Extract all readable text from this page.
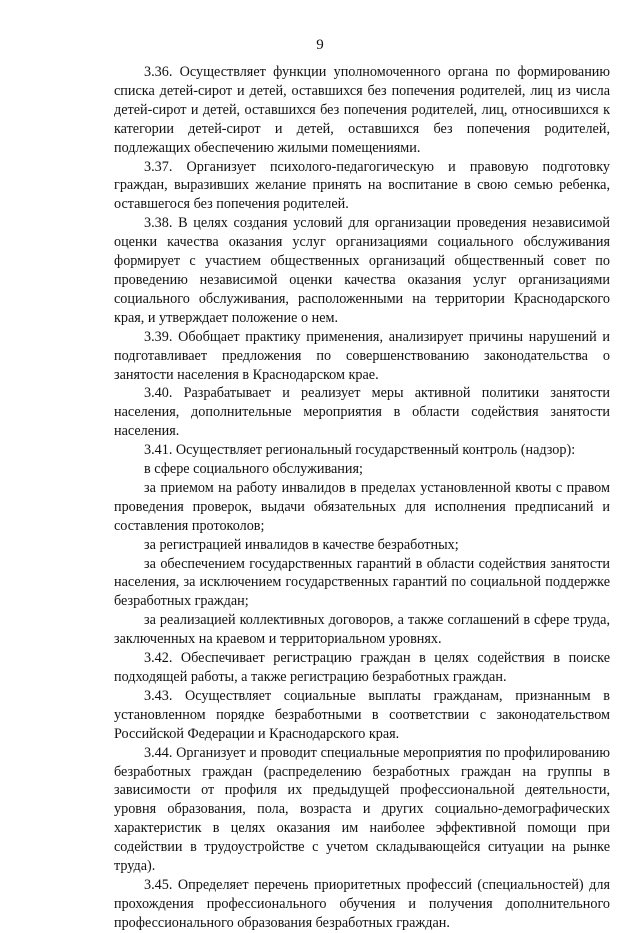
9

3.36. Осуществляет функции уполномоченного органа по формированию списка детей-сирот и детей, оставшихся без попечения родителей, лиц из числа детей-сирот и детей, оставшихся без попечения родителей, лиц, относившихся к категории детей-сирот и детей, оставшихся без попечения родителей, подлежащих обеспечению жилыми помещениями.

3.37. Организует психолого-педагогическую и правовую подготовку граждан, выразивших желание принять на воспитание в свою семью ребенка, оставшегося без попечения родителей.

3.38. В целях создания условий для организации проведения независимой оценки качества оказания услуг организациями социального обслуживания формирует с участием общественных организаций общественный совет по проведению независимой оценки качества оказания услуг организациями социального обслуживания, расположенными на территории Краснодарского края, и утверждает положение о нем.

3.39. Обобщает практику применения, анализирует причины нарушений и подготавливает предложения по совершенствованию законодательства о занятости населения в Краснодарском крае.

3.40. Разрабатывает и реализует меры активной политики занятости населения, дополнительные мероприятия в области содействия занятости населения.

3.41. Осуществляет региональный государственный контроль (надзор):

в сфере социального обслуживания;

за приемом на работу инвалидов в пределах установленной квоты с правом проведения проверок, выдачи обязательных для исполнения предписаний и составления протоколов;

за регистрацией инвалидов в качестве безработных;

за обеспечением государственных гарантий в области содействия занятости населения, за исключением государственных гарантий по социальной поддержке безработных граждан;

за реализацией коллективных договоров, а также соглашений в сфере труда, заключенных на краевом и территориальном уровнях.

3.42. Обеспечивает регистрацию граждан в целях содействия в поиске подходящей работы, а также регистрацию безработных граждан.

3.43. Осуществляет социальные выплаты гражданам, признанным в установленном порядке безработными в соответствии с законодательством Российской Федерации и Краснодарского края.

3.44. Организует и проводит специальные мероприятия по профилированию безработных граждан (распределению безработных граждан на группы в зависимости от профиля их предыдущей профессиональной деятельности, уровня образования, пола, возраста и других социально-демографических характеристик в целях оказания им наиболее эффективной помощи при содействии в трудоустройстве с учетом складывающейся ситуации на рынке труда).

3.45. Определяет перечень приоритетных профессий (специальностей) для прохождения профессионального обучения и получения дополнительного профессионального образования безработных граждан.
